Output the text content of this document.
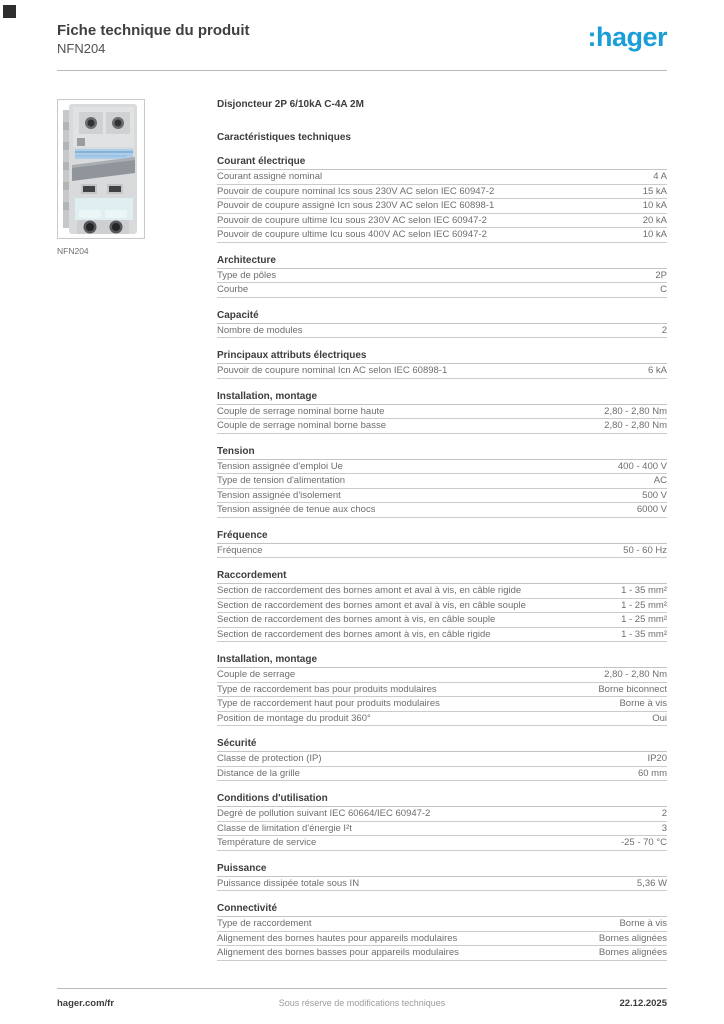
Fiche technique du produit
NFN204	:hager
NFN204
Disjoncteur 2P 6/10kA C-4A 2M
Caractéristiques techniques
Courant électrique
Courant assigné nominal	4 A
Pouvoir de coupure nominal Ics sous 230V AC selon IEC 60947-2	15 kA
Pouvoir de coupure assigné Icn sous 230V AC selon IEC 60898-1	10 kA
Pouvoir de coupure ultime Icu sous 230V AC selon IEC 60947-2	20 kA
Pouvoir de coupure ultime Icu sous 400V AC selon IEC 60947-2	10 kA
Architecture
Type de pôles	2P
Courbe	C
Capacité
Nombre de modules	2
Principaux attributs électriques
Pouvoir de coupure nominal Icn AC selon IEC 60898-1	6 kA
Installation, montage
Couple de serrage nominal borne haute	2,80 - 2,80 Nm
Couple de serrage nominal borne basse	2,80 - 2,80 Nm
Tension
Tension assignée d'emploi Ue	400 - 400 V
Type de tension d'alimentation	AC
Tension assignée d'isolement	500 V
Tension assignée de tenue aux chocs	6000 V
Fréquence
Fréquence	50 - 60 Hz
Raccordement
Section de raccordement des bornes amont et aval à vis, en câble rigide	1 - 35 mm²
Section de raccordement des bornes amont et aval à vis, en câble souple	1 - 25 mm²
Section de raccordement des bornes amont à vis, en câble souple	1 - 25 mm²
Section de raccordement des bornes amont à vis, en câble rigide	1 - 35 mm²
Installation, montage
Couple de serrage	2,80 - 2,80 Nm
Type de raccordement bas pour produits modulaires	Borne biconnect
Type de raccordement haut pour produits modulaires	Borne à vis
Position de montage du produit 360°	Oui
Sécurité
Classe de protection (IP)	IP20
Distance de la grille	60 mm
Conditions d'utilisation
Degré de pollution suivant IEC 60664/IEC 60947-2	2
Classe de limitation d'énergie I²t	3
Température de service	-25 - 70 °C
Puissance
Puissance dissipée totale sous IN	5,36 W
Connectivité
Type de raccordement	Borne à vis
Alignement des bornes hautes pour appareils modulaires	Bornes alignées
Alignement des bornes basses pour appareils modulaires	Bornes alignées
hager.com/fr	Sous réserve de modifications techniques	22.12.2025
